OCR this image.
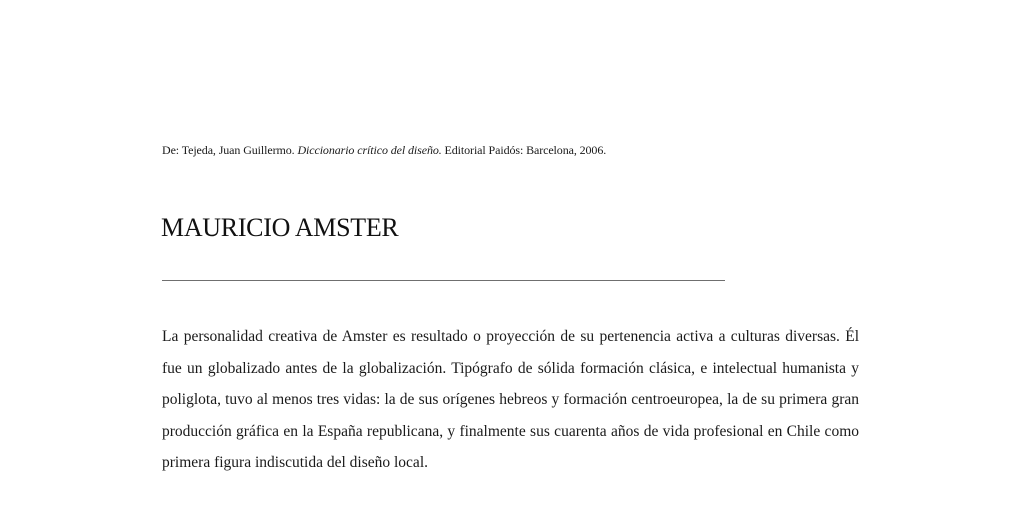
De: Tejeda, Juan Guillermo. Diccionario crítico del diseño. Editorial Paidós: Barcelona, 2006.
MAURICIO AMSTER

La personalidad creativa de Amster es resultado o proyección de su pertenencia activa a culturas diversas. Él fue un globalizado antes de la globalización. Tipógrafo de sólida formación clásica, e intelectual humanista y poliglota, tuvo al menos tres vidas: la de sus orígenes hebreos y formación centroeuropea, la de su primera gran producción gráfica en la España republicana, y finalmente sus cuarenta años de vida profesional en Chile como primera figura indiscutida del diseño local.
